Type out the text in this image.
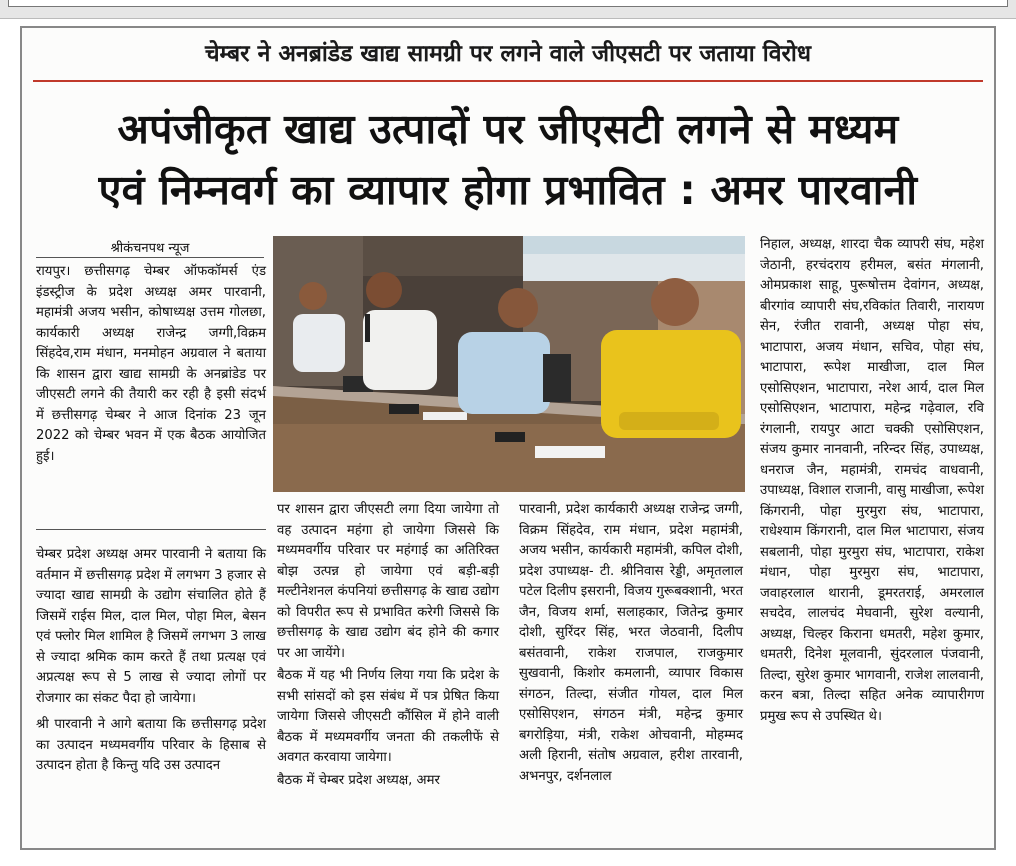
चेम्बर ने अनब्रांडेड खाद्य सामग्री पर लगने वाले जीएसटी पर जताया विरोध
अपंजीकृत खाद्य उत्पादों पर जीएसटी लगने से मध्यम
एवं निम्नवर्ग का व्यापार होगा प्रभावित : अमर पारवानी
श्रीकंचनपथ न्यूज
रायपुर। छत्तीसगढ़ चेम्बर ऑफकॉमर्स एंड इंडस्ट्रीज के प्रदेश अध्यक्ष अमर पारवानी, महामंत्री अजय भसीन, कोषाध्यक्ष उत्तम गोलछा, कार्यकारी अध्यक्ष राजेन्द्र जग्गी,विक्रम सिंहदेव,राम मंधान, मनमोहन अग्रवाल ने बताया कि शासन द्वारा खाद्य सामग्री के अनब्रांडेड पर जीएसटी लगने की तैयारी कर रही है इसी संदर्भ में छत्तीसगढ़ चेम्बर ने आज दिनांक 23 जून 2022 को चेम्बर भवन में एक बैठक आयोजित हुई।

चेम्बर प्रदेश अध्यक्ष अमर पारवानी ने बताया कि वर्तमान में छत्तीसगढ़ प्रदेश में लगभग 3 हजार से ज्यादा खाद्य सामग्री के उद्योग संचालित होते हैं जिसमें राईस मिल, दाल मिल, पोहा मिल, बेसन एवं फ्लोर मिल शामिल है जिसमें लगभग 3 लाख से ज्यादा श्रमिक काम करते हैं तथा प्रत्यक्ष एवं अप्रत्यक्ष रूप से 5 लाख से ज्यादा लोगों पर रोजगार का संकट पैदा हो जायेगा।

श्री पारवानी ने आगे बताया कि छत्तीसगढ़ प्रदेश का उत्पादन मध्यमवर्गीय परिवार के हिसाब से उत्पादन होता है किन्तु यदि उस उत्पादन

पर शासन द्वारा जीएसटी लगा दिया जायेगा तो वह उत्पादन महंगा हो जायेगा जिससे कि मध्यमवर्गीय परिवार पर महंगाई का अतिरिक्त बोझ उत्पन्न हो जायेगा एवं बड़ी-बड़ी मल्टीनेशनल कंपनियां छत्तीसगढ़ के खाद्य उद्योग को विपरीत रूप से प्रभावित करेगी जिससे कि छत्तीसगढ़ के खाद्य उद्योग बंद होने की कगार पर आ जायेंगे।

बैठक में यह भी निर्णय लिया गया कि प्रदेश के सभी सांसदों को इस संबंध में पत्र प्रेषित किया जायेगा जिससे जीएसटी कौंसिल में होने वाली बैठक में मध्यमवर्गीय जनता की तकलीफें से अवगत करवाया जायेगा।

बैठक में चेम्बर प्रदेश अध्यक्ष, अमर

पारवानी, प्रदेश कार्यकारी अध्यक्ष राजेन्द्र जग्गी, विक्रम सिंहदेव, राम मंधान, प्रदेश महामंत्री, अजय भसीन, कार्यकारी महामंत्री, कपिल दोशी, प्रदेश उपाध्यक्ष- टी. श्रीनिवास रेड्डी, अमृतलाल पटेल दिलीप इसरानी, विजय गुरूबक्शानी, भरत जैन, विजय शर्मा, सलाहकार, जितेन्द्र कुमार दोशी, सुरिंदर सिंह, भरत जेठवानी, दिलीप बसंतवानी, राकेश राजपाल, राजकुमार सुखवानी, किशोर कमलानी, व्यापार विकास संगठन, तिल्दा, संजीत गोयल, दाल मिल एसोसिएशन, संगठन मंत्री, महेन्द्र कुमार बगरोड़िया, मंत्री, राकेश ओचवानी, मोहम्मद अली हिरानी, संतोष अग्रवाल, हरीश तारवानी, अभनपुर, दर्शनलाल
निहाल, अध्यक्ष, शारदा चैक व्यापरी संघ, महेश जेठानी, हरचंदराय हरीमल, बसंत मंगलानी, ओमप्रकाश साहू, पुरूषोत्तम देवांगन, अध्यक्ष, बीरगांव व्यापारी संघ,रविकांत तिवारी, नारायण सेन, रंजीत रावानी, अध्यक्ष पोहा संघ, भाटापारा, अजय मंधान, सचिव, पोहा संघ, भाटापारा, रूपेश माखीजा, दाल मिल एसोसिएशन, भाटापारा, नरेश आर्य, दाल मिल एसोसिएशन, भाटापारा, महेन्द्र गढ़ेवाल, रवि रंगलानी, रायपुर आटा चक्की एसोसिएशन, संजय कुमार नानवानी, नरिन्दर सिंह, उपाध्यक्ष, धनराज जैन, महामंत्री, रामचंद वाधवानी, उपाध्यक्ष, विशाल राजानी, वासु माखीजा, रूपेश किंगरानी, पोहा मुरमुरा संघ, भाटापारा, राधेश्याम किंगरानी, दाल मिल भाटापारा, संजय सबलानी, पोहा मुरमुरा संघ, भाटापारा, राकेश मंधान, पोहा मुरमुरा संघ, भाटापारा, जवाहरलाल थारानी, डूमरतराई, अमरलाल सचदेव, लालचंद मेघवानी, सुरेश वल्यानी, अध्यक्ष, चिल्हर किराना धमतरी, महेश कुमार, धमतरी, दिनेश मूलवानी, सुंदरलाल पंजवानी, तिल्दा, सुरेश कुमार भागवानी, राजेश लालवानी, करन बत्रा, तिल्दा सहित अनेक व्यापारीगण प्रमुख रूप से उपस्थित थे।
